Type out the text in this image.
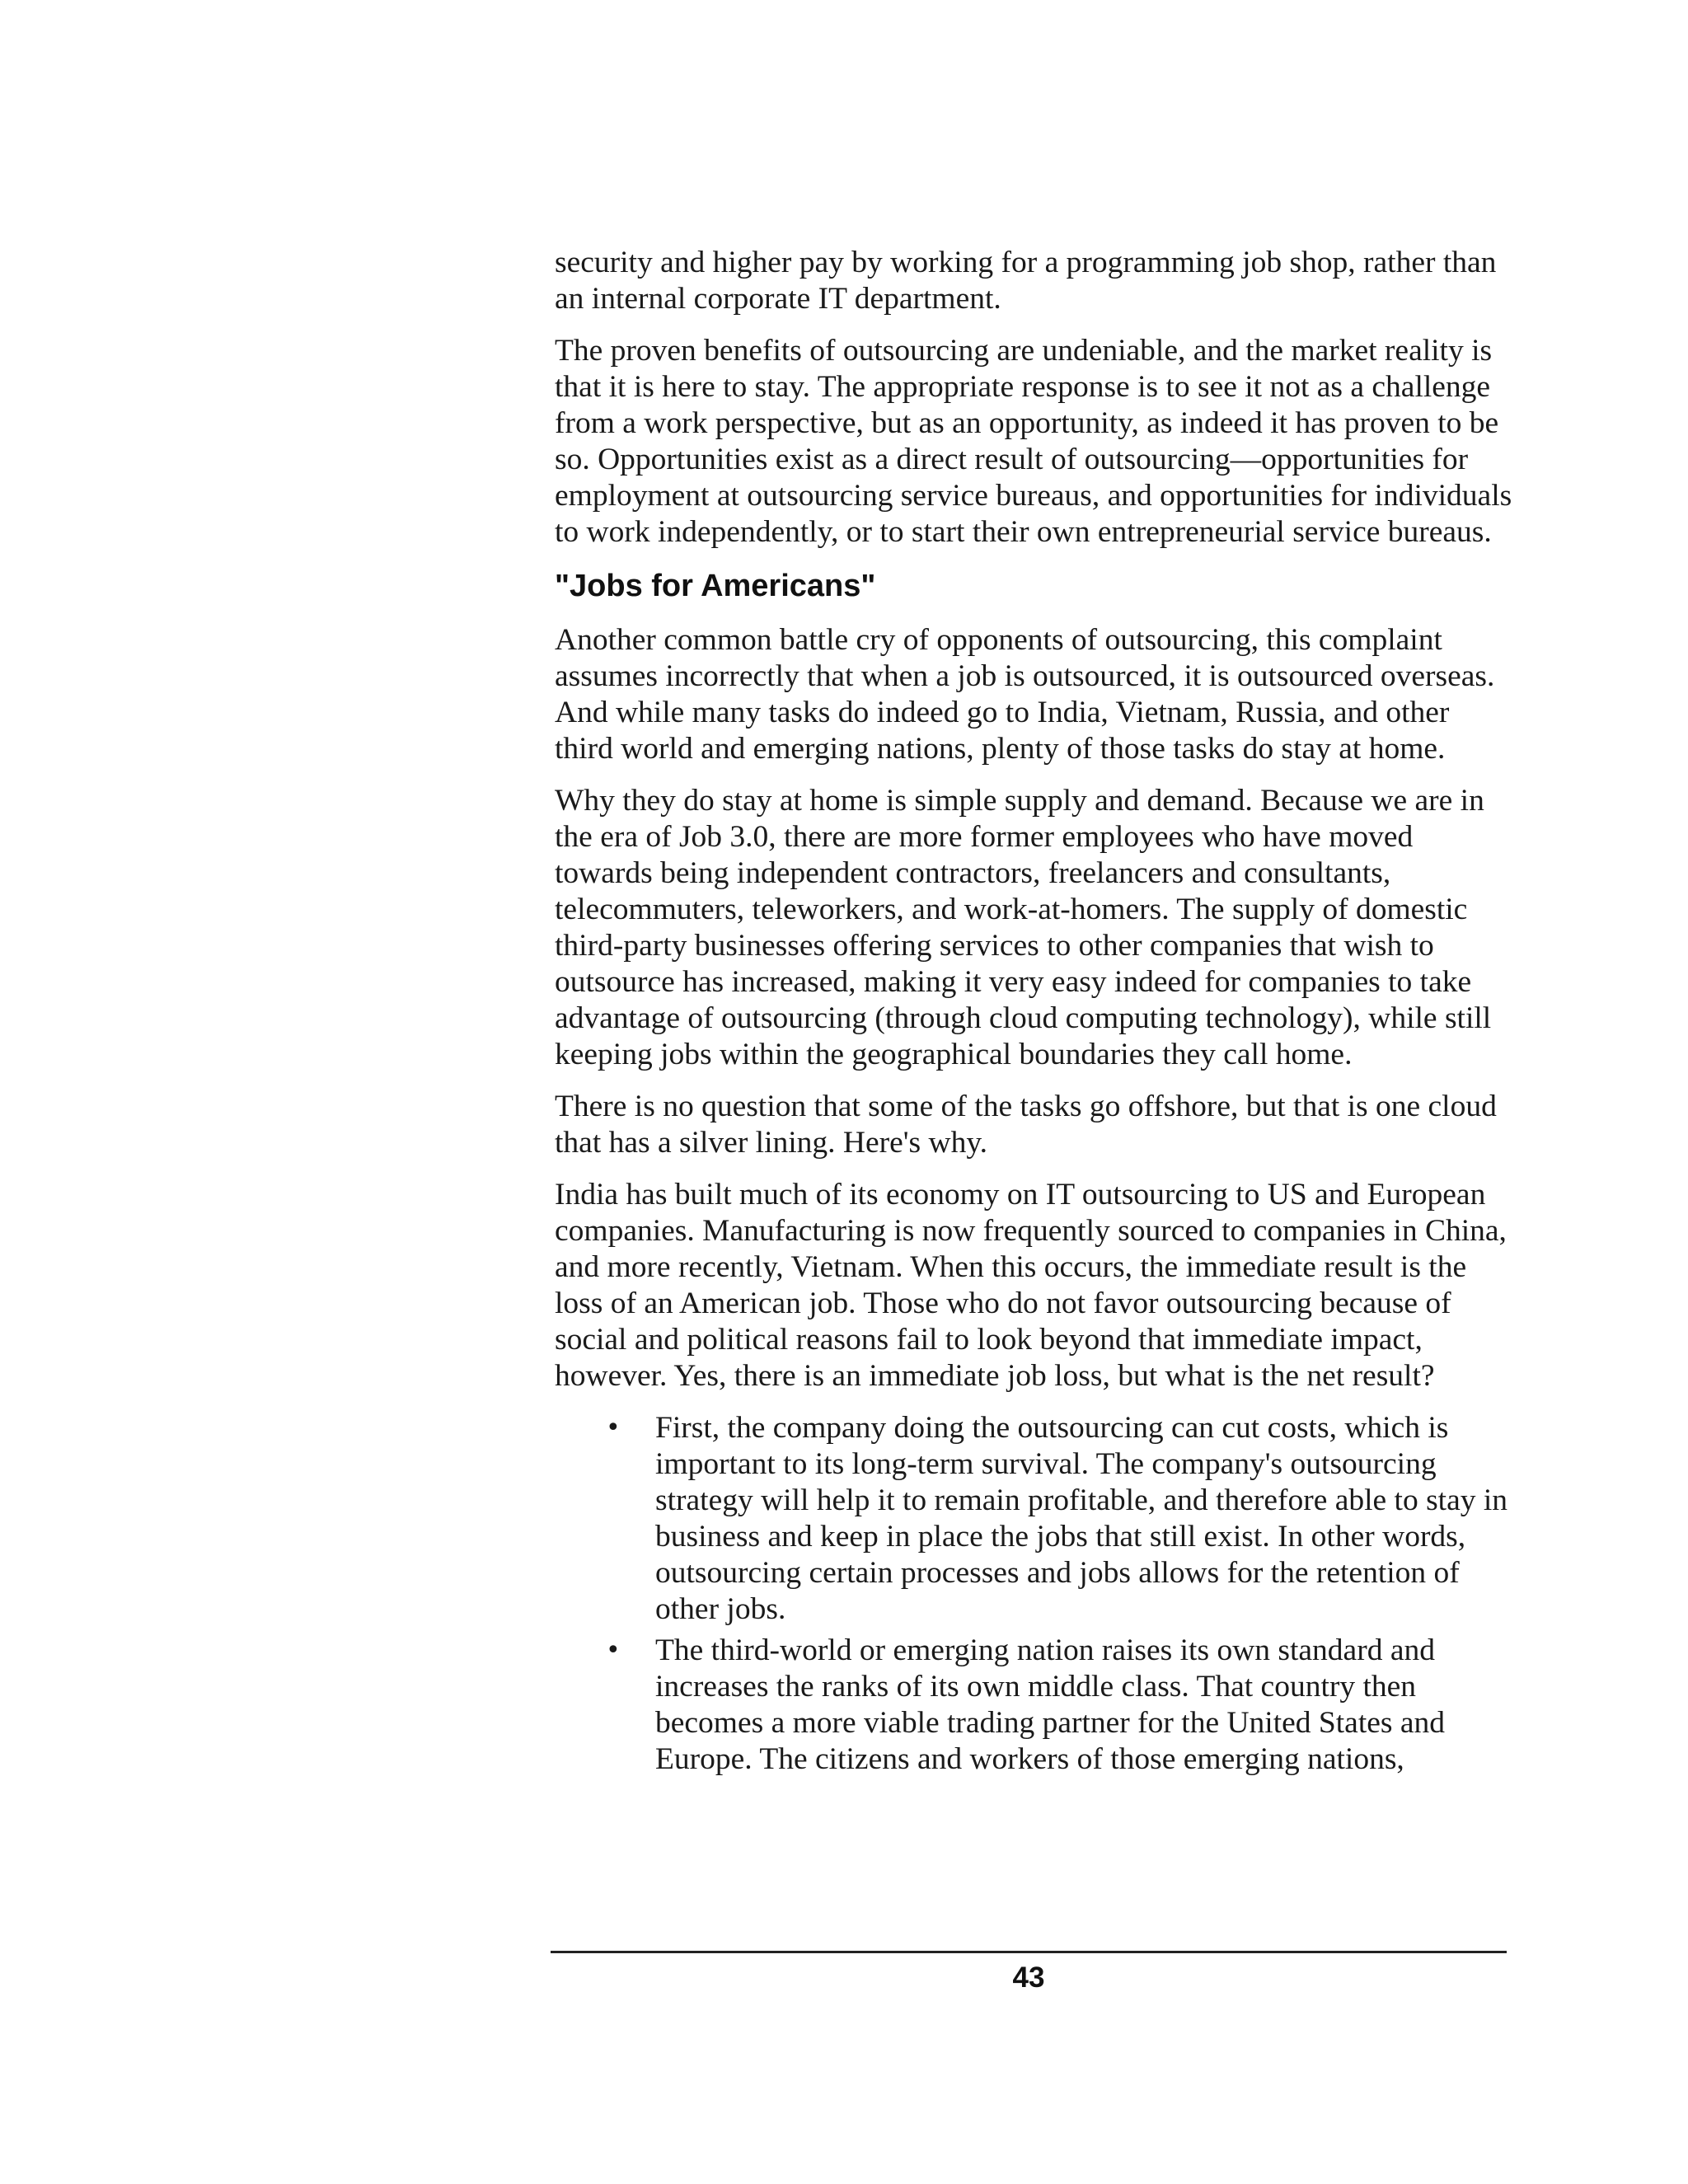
security and higher pay by working for a programming job shop, rather than an internal corporate IT department.

The proven benefits of outsourcing are undeniable, and the market reality is that it is here to stay. The appropriate response is to see it not as a challenge from a work perspective, but as an opportunity, as indeed it has proven to be so. Opportunities exist as a direct result of outsourcing—opportunities for employment at outsourcing service bureaus, and opportunities for individuals to work independently, or to start their own entrepreneurial service bureaus.

"Jobs for Americans"

Another common battle cry of opponents of outsourcing, this complaint assumes incorrectly that when a job is outsourced, it is outsourced overseas. And while many tasks do indeed go to India, Vietnam, Russia, and other third world and emerging nations, plenty of those tasks do stay at home.

Why they do stay at home is simple supply and demand. Because we are in the era of Job 3.0, there are more former employees who have moved towards being independent contractors, freelancers and consultants, telecommuters, teleworkers, and work-at-homers. The supply of domestic third-party businesses offering services to other companies that wish to outsource has increased, making it very easy indeed for companies to take advantage of outsourcing (through cloud computing technology), while still keeping jobs within the geographical boundaries they call home.

There is no question that some of the tasks go offshore, but that is one cloud that has a silver lining. Here's why.

India has built much of its economy on IT outsourcing to US and European companies. Manufacturing is now frequently sourced to companies in China, and more recently, Vietnam. When this occurs, the immediate result is the loss of an American job. Those who do not favor outsourcing because of social and political reasons fail to look beyond that immediate impact, however. Yes, there is an immediate job loss, but what is the net result?

• First, the company doing the outsourcing can cut costs, which is important to its long-term survival. The company's outsourcing strategy will help it to remain profitable, and therefore able to stay in business and keep in place the jobs that still exist. In other words, outsourcing certain processes and jobs allows for the retention of other jobs.
• The third-world or emerging nation raises its own standard and increases the ranks of its own middle class. That country then becomes a more viable trading partner for the United States and Europe. The citizens and workers of those emerging nations,
43
